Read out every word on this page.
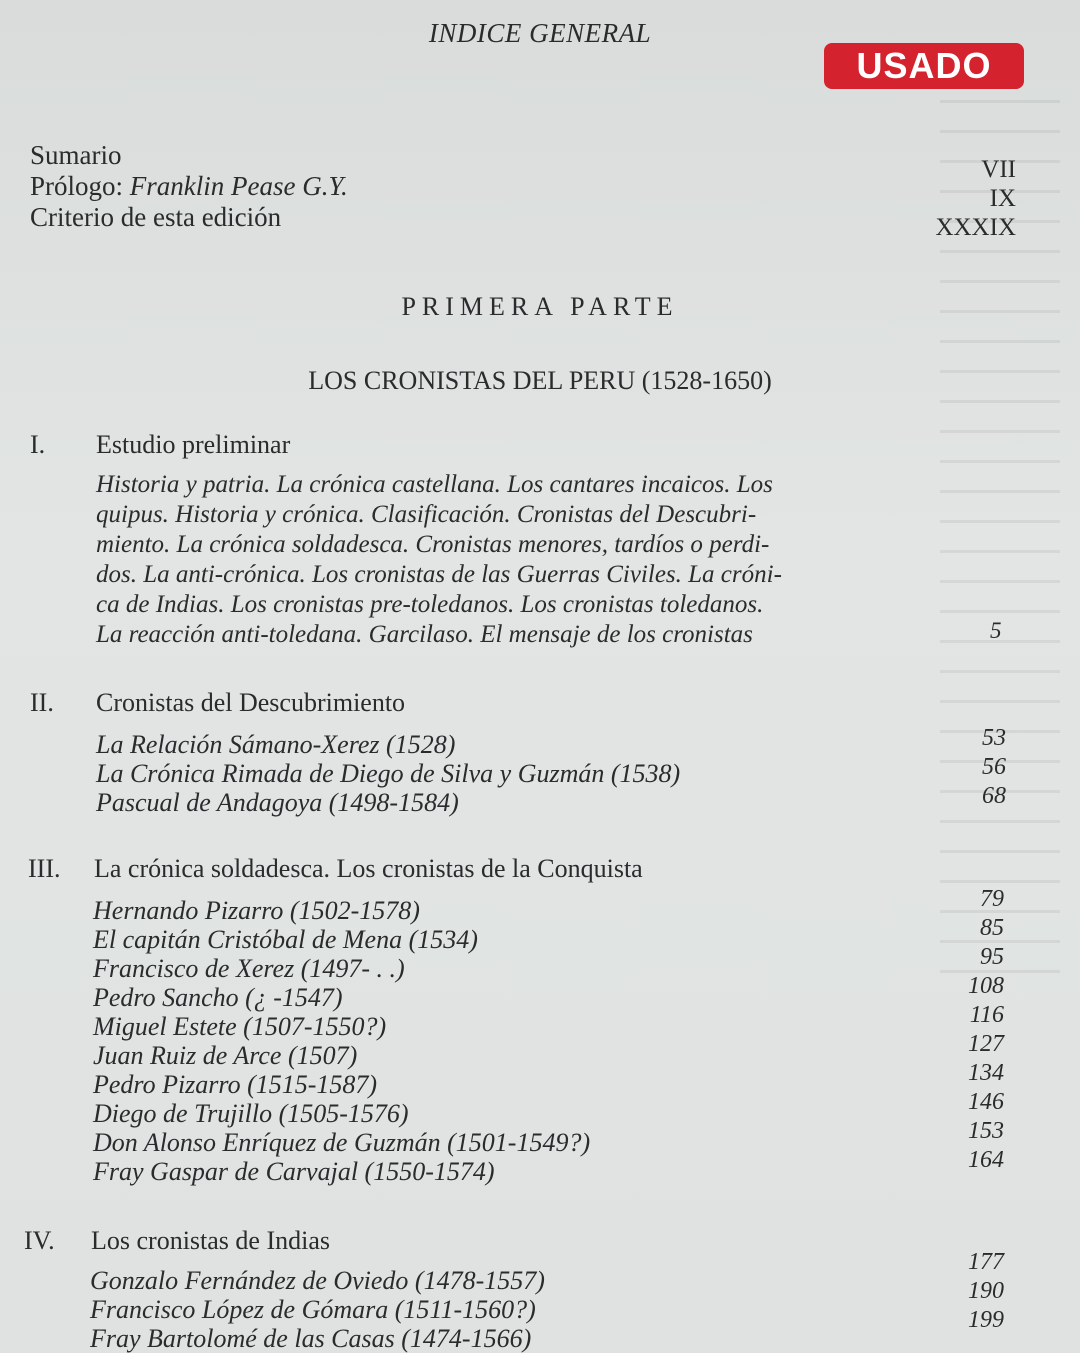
INDICE GENERAL
USADO
Sumario
Prólogo: Franklin Pease G.Y.
Criterio de esta edición
VII
IX
XXXIX
PRIMERA PARTE
LOS CRONISTAS DEL PERU (1528-1650)
I. Estudio preliminar
Historia y patria. La crónica castellana. Los cantares incaicos. Los
quipus. Historia y crónica. Clasificación. Cronistas del Descubri-
miento. La crónica soldadesca. Cronistas menores, tardíos o perdi-
dos. La anti-crónica. Los cronistas de las Guerras Civiles. La cróni-
ca de Indias. Los cronistas pre-toledanos. Los cronistas toledanos.
La reacción anti-toledana. Garcilaso. El mensaje de los cronistas	5
II. Cronistas del Descubrimiento
La Relación Sámano-Xerez (1528)
La Crónica Rimada de Diego de Silva y Guzmán (1538)
Pascual de Andagoya (1498-1584)
53
56
68
III. La crónica soldadesca. Los cronistas de la Conquista
Hernando Pizarro (1502-1578)
El capitán Cristóbal de Mena (1534)
Francisco de Xerez (1497- . .)
Pedro Sancho (¿ -1547)
Miguel Estete (1507-1550?)
Juan Ruiz de Arce (1507)
Pedro Pizarro (1515-1587)
Diego de Trujillo (1505-1576)
Don Alonso Enríquez de Guzmán (1501-1549?)
Fray Gaspar de Carvajal (1550-1574)
79
85
95
108
116
127
134
146
153
164
IV. Los cronistas de Indias
Gonzalo Fernández de Oviedo (1478-1557)
Francisco López de Gómara (1511-1560?)
Fray Bartolomé de las Casas (1474-1566)
177
190
199
